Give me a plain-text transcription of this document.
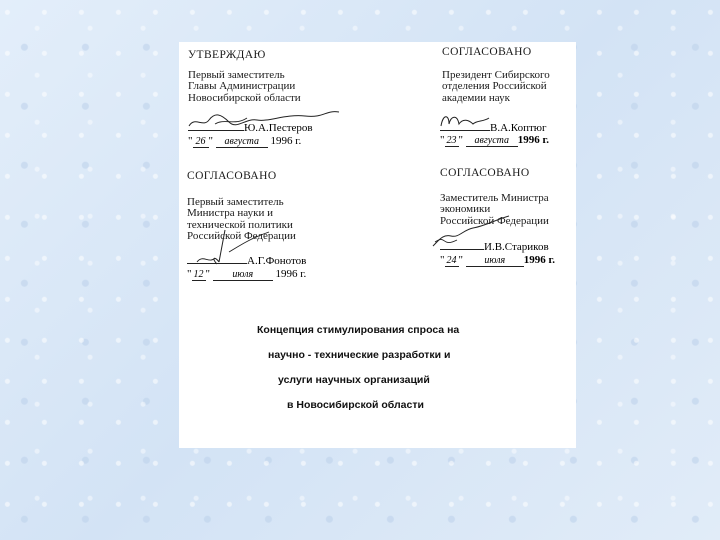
УТВЕРЖДАЮ
Первый заместитель
Главы Администрации
Новосибирской области
Ю.А.Пестеров
" 26 " августа 1996 г.
СОГЛАСОВАНО
Президент Сибирского
отделения Российской
академии наук
В.А.Коптюг
" 23 " августа 1996 г.
СОГЛАСОВАНО
Первый заместитель
Министра науки и
технической политики
Российской Федерации
А.Г.Фонотов
" 12 " июля 1996 г.
СОГЛАСОВАНО
Заместитель Министра
экономики
Российской Федерации
И.В.Стариков
" 24 " июля 1996 г.
Концепция стимулирования спроса на
научно - технические разработки и
услуги научных организаций
в Новосибирской области
